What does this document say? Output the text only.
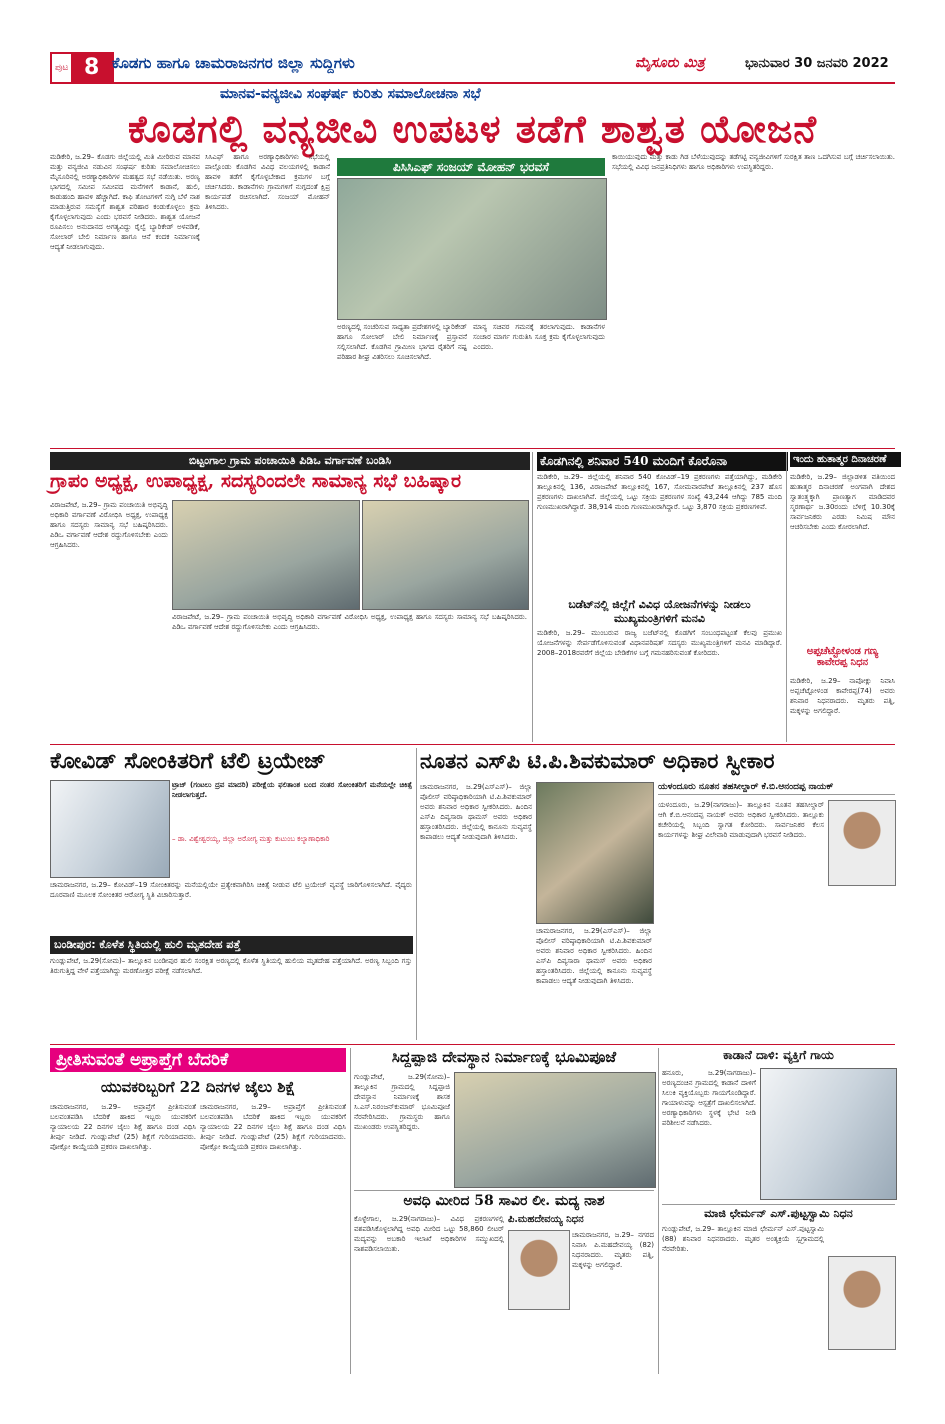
ಪುಟ 8 ಕೊಡಗು ಹಾಗೂ ಚಾಮರಾಜನಗರ ಜಿಲ್ಲಾ ಸುದ್ದಿಗಳು	ಮೈಸೂರು ಮಿತ್ರ	ಭಾನುವಾರ 30 ಜನವರಿ 2022
ಮಾನವ-ವನ್ಯಜೀವಿ ಸಂಘರ್ಷ ಕುರಿತು ಸಮಾಲೋಚನಾ ಸಭೆ
ಕೊಡಗಲ್ಲಿ ವನ್ಯಜೀವಿ ಉಪಟಳ ತಡೆಗೆ ಶಾಶ್ವತ ಯೋಜನೆ
ಮಡಿಕೇರಿ, ಜ.29– ಕೊಡಗು ಜಿಲ್ಲೆಯಲ್ಲಿ ಮಿತಿ ಮೀರಿರುವ ಮಾನವ ಮತ್ತು ವನ್ಯಜೀವಿ ನಡುವಿನ ಸಂಘರ್ಷ ಕುರಿತು ಸಮಾಲೋಚಿಸಲು ಮೈಸೂರಿನಲ್ಲಿ ಅರಣ್ಯಾಧಿಕಾರಿಗಳ ಮಹತ್ವದ ಸಭೆ ನಡೆಯಿತು. ಅರಣ್ಯ ಭಾಗದಲ್ಲಿ ಸಮೀಪ ಸಮೀಪದ ಮನೆಗಳಿಗೆ ಕಾಡಾನೆ, ಹುಲಿ, ಕಾಡುಹಂದಿ ಹಾವಳಿ ಹೆಚ್ಚಾಗಿದೆ. ಕಾಫಿ ತೋಟಗಳಿಗೆ ನುಗ್ಗಿ ಬೆಳೆ ನಾಶ ಮಾಡುತ್ತಿರುವ ಸಮಸ್ಯೆಗೆ ಶಾಶ್ವತ ಪರಿಹಾರ ಕಂಡುಕೊಳ್ಳಲು ಕ್ರಮ ಕೈಗೊಳ್ಳಲಾಗುವುದು ಎಂದು ಭರವಸೆ ನೀಡಿದರು. ಶಾಶ್ವತ ಯೋಜನೆ ರೂಪಿಸಲು ಅನುದಾನದ ಅಗತ್ಯವಿದ್ದು ರೈಲ್ವೆ ಬ್ಯಾರಿಕೇಡ್ ಅಳವಡಿಕೆ, ಸೋಲಾರ್ ಬೇಲಿ ನಿರ್ಮಾಣ ಹಾಗೂ ಆನೆ ಕಂದಕ ನಿರ್ಮಾಣಕ್ಕೆ ಆದ್ಯತೆ ನೀಡಲಾಗುವುದು.
ಸಿಸಿಎಫ್ ಹಾಗೂ ಅರಣ್ಯಾಧಿಕಾರಿಗಳು ಸಭೆಯಲ್ಲಿ ಪಾಲ್ಗೊಂಡು ಕೊಡಗಿನ ವಿವಿಧ ವಲಯಗಳಲ್ಲಿ ಕಾಡಾನೆ ಹಾವಳಿ ತಡೆಗೆ ಕೈಗೊಳ್ಳಬೇಕಾದ ಕ್ರಮಗಳ ಬಗ್ಗೆ ಚರ್ಚಿಸಿದರು. ಕಾಡಾನೆಗಳು ಗ್ರಾಮಗಳಿಗೆ ನುಗ್ಗದಂತೆ ಕ್ಷಿಪ್ರ ಕಾರ್ಯಪಡೆ ರಚಿಸಲಾಗಿದೆ. ಸಂಜಯ್ ಮೋಹನ್ ತಿಳಿಸಿದರು.
ಪಿಸಿಸಿಎಫ್ ಸಂಜಯ್ ಮೋಹನ್ ಭರವಸೆ
ಅರಣ್ಯದಲ್ಲಿ ಸಂಚರಿಸುವ ಸಾಧ್ಯತಾ ಪ್ರದೇಶಗಳಲ್ಲಿ ಬ್ಯಾರಿಕೇಡ್ ಹಾಗೂ ಸೋಲಾರ್ ಬೇಲಿ ನಿರ್ಮಾಣಕ್ಕೆ ಪ್ರಸ್ತಾವನೆ ಸಲ್ಲಿಸಲಾಗಿದೆ. ಕೊಡಗಿನ ಗ್ರಾಮೀಣ ಭಾಗದ ರೈತರಿಗೆ ನಷ್ಟ ಪರಿಹಾರ ಶೀಘ್ರ ವಿತರಿಸಲು ಸೂಚಿಸಲಾಗಿದೆ.
ಮಾನ್ಯ ಸಚಿವರ ಗಮನಕ್ಕೆ ತರಲಾಗುವುದು. ಕಾಡಾನೆಗಳ ಸಂಚಾರ ಮಾರ್ಗ ಗುರುತಿಸಿ ಸೂಕ್ತ ಕ್ರಮ ಕೈಗೊಳ್ಳಲಾಗುವುದು ಎಂದರು.
ಕಾಯಿಯುವುದು ಮತ್ತು ಕಾಡು ಗಿಡ ಬೆಳೆಯುವುದನ್ನು ತಡೆಗಟ್ಟಿ ವನ್ಯಜೀವಿಗಳಿಗೆ ಸುರಕ್ಷಿತ ತಾಣ ಒದಗಿಸುವ ಬಗ್ಗೆ ಚರ್ಚಿಸಲಾಯಿತು. ಸಭೆಯಲ್ಲಿ ವಿವಿಧ ಜನಪ್ರತಿನಿಧಿಗಳು ಹಾಗೂ ಅಧಿಕಾರಿಗಳು ಉಪಸ್ಥಿತರಿದ್ದರು.
ಬಿಟ್ಟಂಗಾಲ ಗ್ರಾಮ ಪಂಚಾಯಿತಿ ಪಿಡಿಒ ವರ್ಗಾವಣೆ ಬಂಡಿಸಿ
ಗ್ರಾಪಂ ಅಧ್ಯಕ್ಷ, ಉಪಾಧ್ಯಕ್ಷ, ಸದಸ್ಯರಿಂದಲೇ ಸಾಮಾನ್ಯ ಸಭೆ ಬಹಿಷ್ಕಾರ
ವಿರಾಜಪೇಟೆ, ಜ.29– ಗ್ರಾಮ ಪಂಚಾಯಿತಿ ಅಭಿವೃದ್ಧಿ ಅಧಿಕಾರಿ ವರ್ಗಾವಣೆ ವಿರೋಧಿಸಿ ಅಧ್ಯಕ್ಷ, ಉಪಾಧ್ಯಕ್ಷ ಹಾಗೂ ಸದಸ್ಯರು ಸಾಮಾನ್ಯ ಸಭೆ ಬಹಿಷ್ಕರಿಸಿದರು. ಪಿಡಿಒ ವರ್ಗಾವಣೆ ಆದೇಶ ರದ್ದುಗೊಳಿಸಬೇಕು ಎಂದು ಆಗ್ರಹಿಸಿದರು.
ವಿರಾಜಪೇಟೆ, ಜ.29– ಗ್ರಾಮ ಪಂಚಾಯಿತಿ ಅಭಿವೃದ್ಧಿ ಅಧಿಕಾರಿ ವರ್ಗಾವಣೆ ವಿರೋಧಿಸಿ ಅಧ್ಯಕ್ಷ, ಉಪಾಧ್ಯಕ್ಷ ಹಾಗೂ ಸದಸ್ಯರು ಸಾಮಾನ್ಯ ಸಭೆ ಬಹಿಷ್ಕರಿಸಿದರು. ಪಿಡಿಒ ವರ್ಗಾವಣೆ ಆದೇಶ ರದ್ದುಗೊಳಿಸಬೇಕು ಎಂದು ಆಗ್ರಹಿಸಿದರು.
ಕೊಡಗಿನಲ್ಲಿ ಶನಿವಾರ 540 ಮಂದಿಗೆ ಕೊರೊನಾ
ಮಡಿಕೇರಿ, ಜ.29– ಜಿಲ್ಲೆಯಲ್ಲಿ ಶನಿವಾರ 540 ಕೋವಿಡ್–19 ಪ್ರಕರಣಗಳು ಪತ್ತೆಯಾಗಿದ್ದು, ಮಡಿಕೇರಿ ತಾಲ್ಲೂಕಿನಲ್ಲಿ 136, ವಿರಾಜಪೇಟೆ ತಾಲ್ಲೂಕಿನಲ್ಲಿ 167, ಸೋಮವಾರಪೇಟೆ ತಾಲ್ಲೂಕಿನಲ್ಲಿ 237 ಹೊಸ ಪ್ರಕರಣಗಳು ದಾಖಲಾಗಿವೆ. ಜಿಲ್ಲೆಯಲ್ಲಿ ಒಟ್ಟು ಸಕ್ರಿಯ ಪ್ರಕರಣಗಳ ಸಂಖ್ಯೆ 43,244 ಆಗಿದ್ದು 785 ಮಂದಿ ಗುಣಮುಖರಾಗಿದ್ದಾರೆ. 38,914 ಮಂದಿ ಗುಣಮುಖರಾಗಿದ್ದಾರೆ. ಒಟ್ಟು 3,870 ಸಕ್ರಿಯ ಪ್ರಕರಣಗಳಿವೆ.
ಬಡೆಟ್‌ನಲ್ಲಿ ಜಿಲ್ಲೆಗೆ ವಿವಿಧ ಯೋಜನೆಗಳನ್ನು ನೀಡಲು ಮುಖ್ಯಮಂತ್ರಿಗಳಿಗೆ ಮನವಿ
ಮಡಿಕೇರಿ, ಜ.29– ಮುಂಬರುವ ರಾಜ್ಯ ಬಜೆಟ್‌ನಲ್ಲಿ ಕೊಡಗಿಗೆ ಸಂಬಂಧಪಟ್ಟಂತೆ ಕೆಲವು ಪ್ರಮುಖ ಯೋಜನೆಗಳನ್ನು ಸೇರ್ಪಡೆಗೊಳಿಸುವಂತೆ ವಿಧಾನಪರಿಷತ್ ಸದಸ್ಯರು ಮುಖ್ಯಮಂತ್ರಿಗಳಿಗೆ ಮನವಿ ಮಾಡಿದ್ದಾರೆ. 2008–2018ರವರೆಗೆ ಜಿಲ್ಲೆಯ ಬೇಡಿಕೆಗಳ ಬಗ್ಗೆ ಗಮನಹರಿಸುವಂತೆ ಕೋರಿದರು.
ಇಂದು ಹುತಾತ್ಮರ ದಿನಾಚರಣೆ
ಮಡಿಕೇರಿ, ಜ.29– ಜಿಲ್ಲಾಡಳಿತ ವತಿಯಿಂದ ಹುತಾತ್ಮರ ದಿನಾಚರಣೆ ಅಂಗವಾಗಿ ದೇಶದ ಸ್ವಾತಂತ್ರ್ಯಕ್ಕಾಗಿ ಪ್ರಾಣತ್ಯಾಗ ಮಾಡಿದವರ ಸ್ಮರಣಾರ್ಥ ಜ.30ರಂದು ಬೆಳಿಗ್ಗೆ 10.30ಕ್ಕೆ ಸಾರ್ವಜನಿಕರು ಎರಡು ನಿಮಿಷ ಮೌನ ಆಚರಿಸಬೇಕು ಎಂದು ಕೋರಲಾಗಿದೆ.
ಅಪ್ಪಚೆಟ್ಟೋಳಂಡ ಗಣ್ಯ ಕಾವೇರಪ್ಪ ನಿಧನ
ಮಡಿಕೇರಿ, ಜ.29– ನಾಪೋಕ್ಲು ನಿವಾಸಿ ಅಪ್ಪಚೆಟ್ಟೋಳಂಡ ಕಾವೇರಪ್ಪ(74) ಅವರು ಶನಿವಾರ ನಿಧನರಾದರು. ಮೃತರು ಪತ್ನಿ, ಮಕ್ಕಳನ್ನು ಅಗಲಿದ್ದಾರೆ.
ಕೋವಿಡ್ ಸೋಂಕಿತರಿಗೆ ಟೆಲಿ ಟ್ರಯೇಜ್
ಟ್ರಾಜ್ (ಗಂಟಲು ದ್ರವ ಮಾದರಿ) ಪರೀಕ್ಷೆಯ ಫಲಿತಾಂಶ ಬಂದ ನಂತರ ಸೋಂಕಿತರಿಗೆ ಮನೆಯಲ್ಲೇ ಚಿಕಿತ್ಸೆ ನೀಡಲಾಗುತ್ತದೆ.
– ಡಾ. ವಿಶ್ವೇಶ್ವರಯ್ಯ, ಜಿಲ್ಲಾ ಅರೋಗ್ಯ ಮತ್ತು ಕುಟುಂಬ ಕಲ್ಯಾಣಾಧಿಕಾರಿ
ಚಾಮರಾಜನಗರ, ಜ.29– ಕೋವಿಡ್–19 ಸೋಂಕಿತರನ್ನು ಮನೆಯಲ್ಲಿಯೇ ಪ್ರತ್ಯೇಕವಾಗಿರಿಸಿ ಚಿಕಿತ್ಸೆ ನೀಡುವ ಟೆಲಿ ಟ್ರಯೇಜ್ ವ್ಯವಸ್ಥೆ ಜಾರಿಗೊಳಿಸಲಾಗಿದೆ. ವೈದ್ಯರು ದೂರವಾಣಿ ಮೂಲಕ ಸೋಂಕಿತರ ಆರೋಗ್ಯ ಸ್ಥಿತಿ ವಿಚಾರಿಸುತ್ತಾರೆ.
ಬಂಡೀಪುರ: ಕೊಳೆತ ಸ್ಥಿತಿಯಲ್ಲಿ ಹುಲಿ ಮೃತದೇಹ ಪತ್ತೆ
ಗುಂಡ್ಲುಪೇಟೆ, ಜ.29(ಸೋಮ)– ತಾಲ್ಲೂಕಿನ ಬಂಡೀಪುರ ಹುಲಿ ಸಂರಕ್ಷಿತ ಅರಣ್ಯದಲ್ಲಿ ಕೊಳೆತ ಸ್ಥಿತಿಯಲ್ಲಿ ಹುಲಿಯ ಮೃತದೇಹ ಪತ್ತೆಯಾಗಿದೆ. ಅರಣ್ಯ ಸಿಬ್ಬಂದಿ ಗಸ್ತು ತಿರುಗುತ್ತಿದ್ದ ವೇಳೆ ಪತ್ತೆಯಾಗಿದ್ದು ಮರಣೋತ್ತರ ಪರೀಕ್ಷೆ ನಡೆಸಲಾಗಿದೆ.
ನೂತನ ಎಸ್‌ಪಿ ಟಿ.ಪಿ.ಶಿವಕುಮಾರ್ ಅಧಿಕಾರ ಸ್ವೀಕಾರ
ಚಾಮರಾಜನಗರ, ಜ.29(ಎಸ್‌ಎಸ್)– ಜಿಲ್ಲಾ ಪೊಲೀಸ್ ವರಿಷ್ಠಾಧಿಕಾರಿಯಾಗಿ ಟಿ.ಪಿ.ಶಿವಕುಮಾರ್ ಅವರು ಶನಿವಾರ ಅಧಿಕಾರ ಸ್ವೀಕರಿಸಿದರು. ಹಿಂದಿನ ಎಸ್‌ಪಿ ದಿವ್ಯಸಾರಾ ಥಾಮಸ್ ಅವರು ಅಧಿಕಾರ ಹಸ್ತಾಂತರಿಸಿದರು. ಜಿಲ್ಲೆಯಲ್ಲಿ ಕಾನೂನು ಸುವ್ಯವಸ್ಥೆ ಕಾಪಾಡಲು ಆದ್ಯತೆ ನೀಡುವುದಾಗಿ ತಿಳಿಸಿದರು.
ಚಾಮರಾಜನಗರ, ಜ.29(ಎಸ್‌ಎಸ್)– ಜಿಲ್ಲಾ ಪೊಲೀಸ್ ವರಿಷ್ಠಾಧಿಕಾರಿಯಾಗಿ ಟಿ.ಪಿ.ಶಿವಕುಮಾರ್ ಅವರು ಶನಿವಾರ ಅಧಿಕಾರ ಸ್ವೀಕರಿಸಿದರು. ಹಿಂದಿನ ಎಸ್‌ಪಿ ದಿವ್ಯಸಾರಾ ಥಾಮಸ್ ಅವರು ಅಧಿಕಾರ ಹಸ್ತಾಂತರಿಸಿದರು. ಜಿಲ್ಲೆಯಲ್ಲಿ ಕಾನೂನು ಸುವ್ಯವಸ್ಥೆ ಕಾಪಾಡಲು ಆದ್ಯತೆ ನೀಡುವುದಾಗಿ ತಿಳಿಸಿದರು.
ಯಳಂದೂರು ನೂತನ ತಹಸೀಲ್ದಾರ್ ಕೆ.ಬಿ.ಆನಂದಪ್ಪ ನಾಯಕ್
ಯಳಂದೂರು, ಜ.29(ನಾಗರಾಜು)– ತಾಲ್ಲೂಕಿನ ನೂತನ ತಹಸೀಲ್ದಾರ್ ಆಗಿ ಕೆ.ಬಿ.ಆನಂದಪ್ಪ ನಾಯಕ್ ಅವರು ಅಧಿಕಾರ ಸ್ವೀಕರಿಸಿದರು. ತಾಲ್ಲೂಕು ಕಚೇರಿಯಲ್ಲಿ ಸಿಬ್ಬಂದಿ ಸ್ವಾಗತ ಕೋರಿದರು. ಸಾರ್ವಜನಿಕರ ಕೆಲಸ ಕಾರ್ಯಗಳನ್ನು ಶೀಘ್ರ ವಿಲೇವಾರಿ ಮಾಡುವುದಾಗಿ ಭರವಸೆ ನೀಡಿದರು.
ಪ್ರೀತಿಸುವಂತೆ ಅಪ್ರಾಪ್ತೆಗೆ ಬೆದರಿಕೆ
ಯುವಕರಿಬ್ಬರಿಗೆ 22 ದಿನಗಳ ಜೈಲು ಶಿಕ್ಷೆ
ಚಾಮರಾಜನಗರ, ಜ.29– ಅಪ್ರಾಪ್ತೆಗೆ ಪ್ರೀತಿಸುವಂತೆ ಬಲವಂತಪಡಿಸಿ ಬೆದರಿಕೆ ಹಾಕಿದ ಇಬ್ಬರು ಯುವಕರಿಗೆ ನ್ಯಾಯಾಲಯ 22 ದಿನಗಳ ಜೈಲು ಶಿಕ್ಷೆ ಹಾಗೂ ದಂಡ ವಿಧಿಸಿ ತೀರ್ಪು ನೀಡಿದೆ. ಗುಂಡ್ಲುಪೇಟೆ (25) ಶಿಕ್ಷೆಗೆ ಗುರಿಯಾದವರು. ಪೋಕ್ಸೋ ಕಾಯ್ದೆಯಡಿ ಪ್ರಕರಣ ದಾಖಲಾಗಿತ್ತು.
ಚಾಮರಾಜನಗರ, ಜ.29– ಅಪ್ರಾಪ್ತೆಗೆ ಪ್ರೀತಿಸುವಂತೆ ಬಲವಂತಪಡಿಸಿ ಬೆದರಿಕೆ ಹಾಕಿದ ಇಬ್ಬರು ಯುವಕರಿಗೆ ನ್ಯಾಯಾಲಯ 22 ದಿನಗಳ ಜೈಲು ಶಿಕ್ಷೆ ಹಾಗೂ ದಂಡ ವಿಧಿಸಿ ತೀರ್ಪು ನೀಡಿದೆ. ಗುಂಡ್ಲುಪೇಟೆ (25) ಶಿಕ್ಷೆಗೆ ಗುರಿಯಾದವರು. ಪೋಕ್ಸೋ ಕಾಯ್ದೆಯಡಿ ಪ್ರಕರಣ ದಾಖಲಾಗಿತ್ತು.
ಸಿದ್ದಪ್ಪಾಜಿ ದೇವಸ್ಥಾನ ನಿರ್ಮಾಣಕ್ಕೆ ಭೂಮಿಪೂಜೆ
ಗುಂಡ್ಲುಪೇಟೆ, ಜ.29(ಸೋಮ)– ತಾಲ್ಲೂಕಿನ ಗ್ರಾಮದಲ್ಲಿ ಸಿದ್ದಪ್ಪಾಜಿ ದೇವಸ್ಥಾನ ನಿರ್ಮಾಣಕ್ಕೆ ಶಾಸಕ ಸಿ.ಎಸ್.ನಿರಂಜನ್‌ಕುಮಾರ್ ಭೂಮಿಪೂಜೆ ನೆರವೇರಿಸಿದರು. ಗ್ರಾಮಸ್ಥರು ಹಾಗೂ ಮುಖಂಡರು ಉಪಸ್ಥಿತರಿದ್ದರು.
ಅವಧಿ ಮೀರಿದ 58 ಸಾವಿರ ಲೀ. ಮದ್ಯ ನಾಶ
ಕೊಳ್ಳೇಗಾಲ, ಜ.29(ನಾಗರಾಜು)– ವಿವಿಧ ಪ್ರಕರಣಗಳಲ್ಲಿ ವಶಪಡಿಸಿಕೊಳ್ಳಲಾಗಿದ್ದ ಅವಧಿ ಮೀರಿದ ಒಟ್ಟು 58,860 ಲೀಟರ್ ಮದ್ಯವನ್ನು ಅಬಕಾರಿ ಇಲಾಖೆ ಅಧಿಕಾರಿಗಳ ಸಮ್ಮುಖದಲ್ಲಿ ನಾಶಪಡಿಸಲಾಯಿತು.
ಪಿ.ಮಹದೇವಯ್ಯ ನಿಧನ
ಚಾಮರಾಜನಗರ, ಜ.29– ನಗರದ ನಿವಾಸಿ ಪಿ.ಮಹದೇವಯ್ಯ (82) ನಿಧನರಾದರು. ಮೃತರು ಪತ್ನಿ, ಮಕ್ಕಳನ್ನು ಅಗಲಿದ್ದಾರೆ.
ಕಾಡಾನೆ ದಾಳಿ: ವ್ಯಕ್ತಿಗೆ ಗಾಯ
ಹನೂರು, ಜ.29(ನಾಗರಾಜು)– ಅರಣ್ಯದಂಚಿನ ಗ್ರಾಮದಲ್ಲಿ ಕಾಡಾನೆ ದಾಳಿಗೆ ಸಿಲುಕಿ ವ್ಯಕ್ತಿಯೊಬ್ಬರು ಗಾಯಗೊಂಡಿದ್ದಾರೆ. ಗಾಯಾಳುವನ್ನು ಆಸ್ಪತ್ರೆಗೆ ದಾಖಲಿಸಲಾಗಿದೆ. ಅರಣ್ಯಾಧಿಕಾರಿಗಳು ಸ್ಥಳಕ್ಕೆ ಭೇಟಿ ನೀಡಿ ಪರಿಶೀಲನೆ ನಡೆಸಿದರು.
ಮಾಜಿ ಛೇರ್ಮನ್ ಎಸ್.ಪುಟ್ಟಸ್ವಾಮಿ ನಿಧನ
ಗುಂಡ್ಲುಪೇಟೆ, ಜ.29– ತಾಲ್ಲೂಕಿನ ಮಾಜಿ ಛೇರ್ಮನ್ ಎಸ್.ಪುಟ್ಟಸ್ವಾಮಿ (88) ಶನಿವಾರ ನಿಧನರಾದರು. ಮೃತರ ಅಂತ್ಯಕ್ರಿಯೆ ಸ್ವಗ್ರಾಮದಲ್ಲಿ ನೆರವೇರಿತು.
